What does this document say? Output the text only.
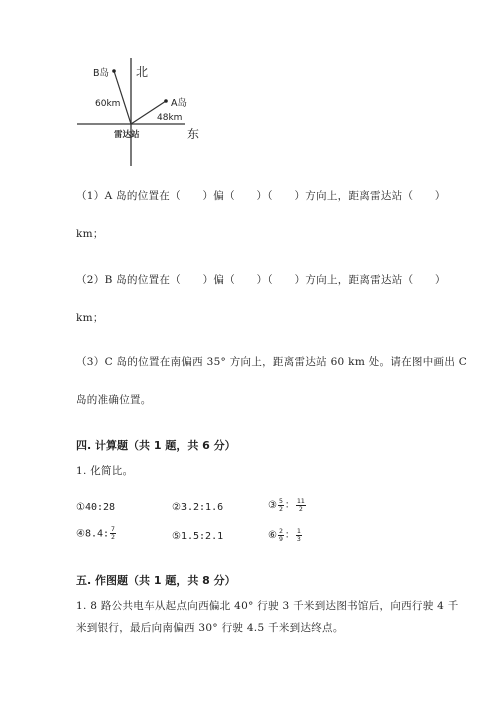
北
东
B岛
A岛
60km
48km
雷达站
（1）A 岛的位置在（　　）偏（　　）（　　）方向上，距离雷达站（　　）
km；
（2）B 岛的位置在（　　）偏（　　）（　　）方向上，距离雷达站（　　）
km；
（3）C 岛的位置在南偏西 35° 方向上，距离雷达站 60 km 处。请在图中画出 C
岛的准确位置。
四. 计算题（共 1 题，共 6 分）
1. 化简比。
①40:28	②3.2:1.6	③ $\frac{5}{2}$ ： $\frac{11}{2}$
④8.4: $\frac{7}{2}$	⑤1.5:2.1	⑥ $\frac{2}{9}$ ： $\frac{1}{3}$
五. 作图题（共 1 题，共 8 分）
1. 8 路公共电车从起点向西偏北 40° 行驶 3 千米到达图书馆后，向西行驶 4 千
米到银行，最后向南偏西 30° 行驶 4.5 千米到达终点。
